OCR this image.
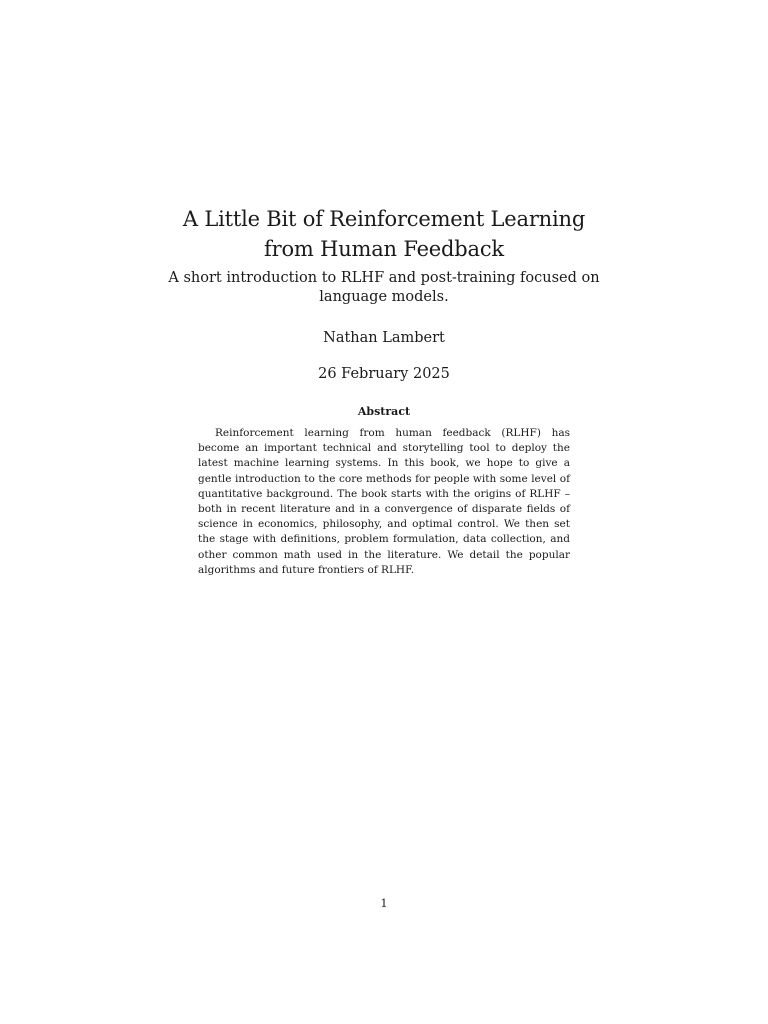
A Little Bit of Reinforcement Learning from Human Feedback

A short introduction to RLHF and post-training focused on language models.

Nathan Lambert

26 February 2025

Abstract

Reinforcement learning from human feedback (RLHF) has become an important technical and storytelling tool to deploy the latest machine learning systems. In this book, we hope to give a gentle introduction to the core methods for people with some level of quantitative background. The book starts with the origins of RLHF – both in recent literature and in a convergence of disparate fields of science in economics, philosophy, and optimal control. We then set the stage with definitions, problem formulation, data collection, and other common math used in the literature. We detail the popular algorithms and future frontiers of RLHF.

1
